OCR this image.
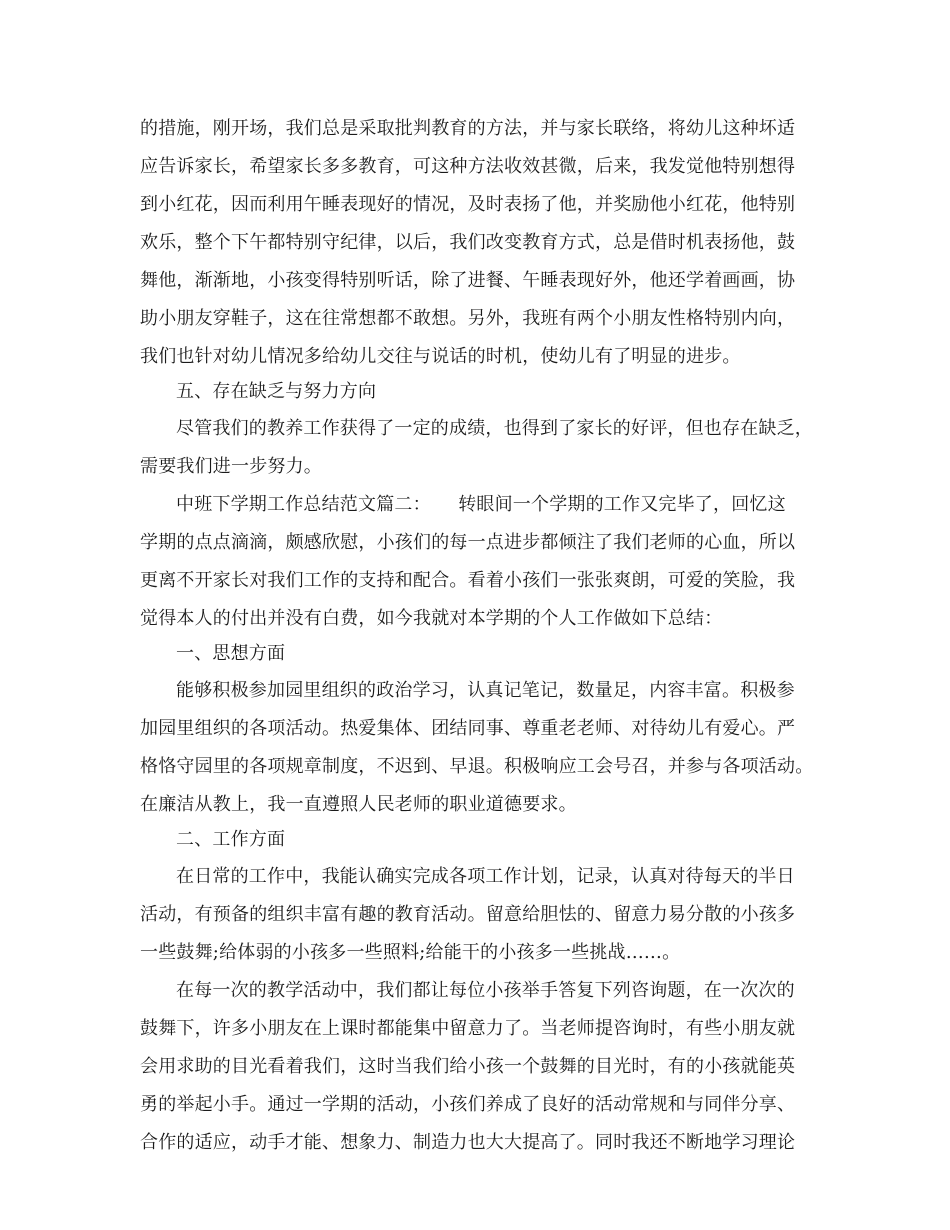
的措施，刚开场，我们总是采取批判教育的方法，并与家长联络，将幼儿这种坏适
应告诉家长，希望家长多多教育，可这种方法收效甚微，后来，我发觉他特别想得
到小红花，因而利用午睡表现好的情况，及时表扬了他，并奖励他小红花，他特别
欢乐，整个下午都特别守纪律，以后，我们改变教育方式，总是借时机表扬他，鼓
舞他，渐渐地，小孩变得特别听话，除了进餐、午睡表现好外，他还学着画画，协
助小朋友穿鞋子，这在往常想都不敢想。另外，我班有两个小朋友性格特别内向，
我们也针对幼儿情况多给幼儿交往与说话的时机，使幼儿有了明显的进步。
五、存在缺乏与努力方向
尽管我们的教养工作获得了一定的成绩，也得到了家长的好评，但也存在缺乏，
需要我们进一步努力。
中班下学期工作总结范文篇二：　　转眼间一个学期的工作又完毕了，回忆这
学期的点点滴滴，颇感欣慰，小孩们的每一点进步都倾注了我们老师的心血，所以
更离不开家长对我们工作的支持和配合。看着小孩们一张张爽朗，可爱的笑脸，我
觉得本人的付出并没有白费，如今我就对本学期的个人工作做如下总结：
一、思想方面
能够积极参加园里组织的政治学习，认真记笔记，数量足，内容丰富。积极参
加园里组织的各项活动。热爱集体、团结同事、尊重老老师、对待幼儿有爱心。严
格恪守园里的各项规章制度，不迟到、早退。积极响应工会号召，并参与各项活动。
在廉洁从教上，我一直遵照人民老师的职业道德要求。
二、工作方面
在日常的工作中，我能认确实完成各项工作计划，记录，认真对待每天的半日
活动，有预备的组织丰富有趣的教育活动。留意给胆怯的、留意力易分散的小孩多
一些鼓舞;给体弱的小孩多一些照料;给能干的小孩多一些挑战……。
在每一次的教学活动中，我们都让每位小孩举手答复下列咨询题，在一次次的
鼓舞下，许多小朋友在上课时都能集中留意力了。当老师提咨询时，有些小朋友就
会用求助的目光看着我们，这时当我们给小孩一个鼓舞的目光时，有的小孩就能英
勇的举起小手。通过一学期的活动，小孩们养成了良好的活动常规和与同伴分享、
合作的适应，动手才能、想象力、制造力也大大提高了。同时我还不断地学习理论
